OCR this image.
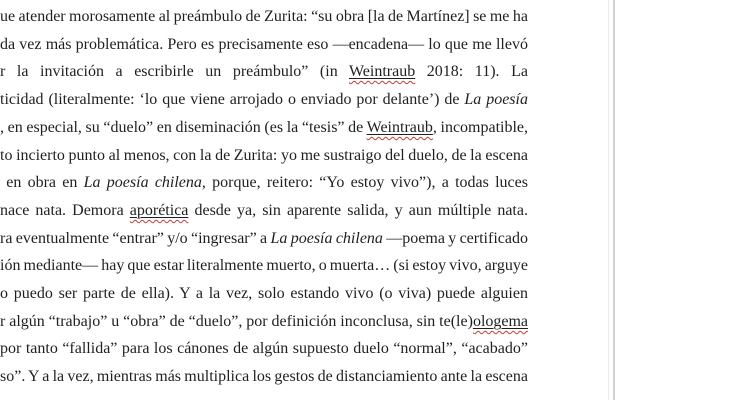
ue atender morosamente al preámbulo de Zurita: “su obra [la de Martínez] se me ha
da vez más problemática. Pero es precisamente eso —encadena— lo que me llevó
r la invitación a escribirle un preámbulo” (in Weintraub 2018: 11). La
ticidad (literalmente: ‘lo que viene arrojado o enviado por delante’) de La poesía
, en especial, su “duelo” en diseminación (es la “tesis” de Weintraub, incompatible,
to incierto punto al menos, con la de Zurita: yo me sustraigo del duelo, de la escena
en obra en La poesía chilena, porque, reitero: “Yo estoy vivo”), a todas luces
nace nata. Demora aporética desde ya, sin aparente salida, y aun múltiple nata.
ra eventualmente “entrar” y/o “ingresar” a La poesía chilena —poema y certificado
ión mediante— hay que estar literalmente muerto, o muerta… (si estoy vivo, arguye
o puedo ser parte de ella). Y a la vez, solo estando vivo (o viva) puede alguien
r algún “trabajo” u “obra” de “duelo”, por definición inconclusa, sin te(le)ologema
por tanto “fallida” para los cánones de algún supuesto duelo “normal”, “acabado”
so”. Y a la vez, mientras más multiplica los gestos de distanciamiento ante la escena
